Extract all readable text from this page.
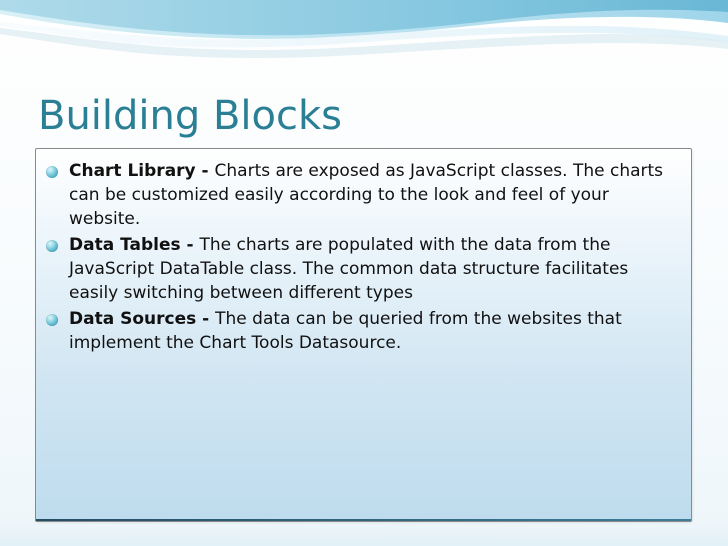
Building Blocks
Chart Library - Charts are exposed as JavaScript classes. The charts can be customized easily according to the look and feel of your website.
Data Tables - The charts are populated with the data from the JavaScript DataTable class. The common data structure facilitates easily switching between different types
Data Sources - The data can be queried from the websites that implement the Chart Tools Datasource.
